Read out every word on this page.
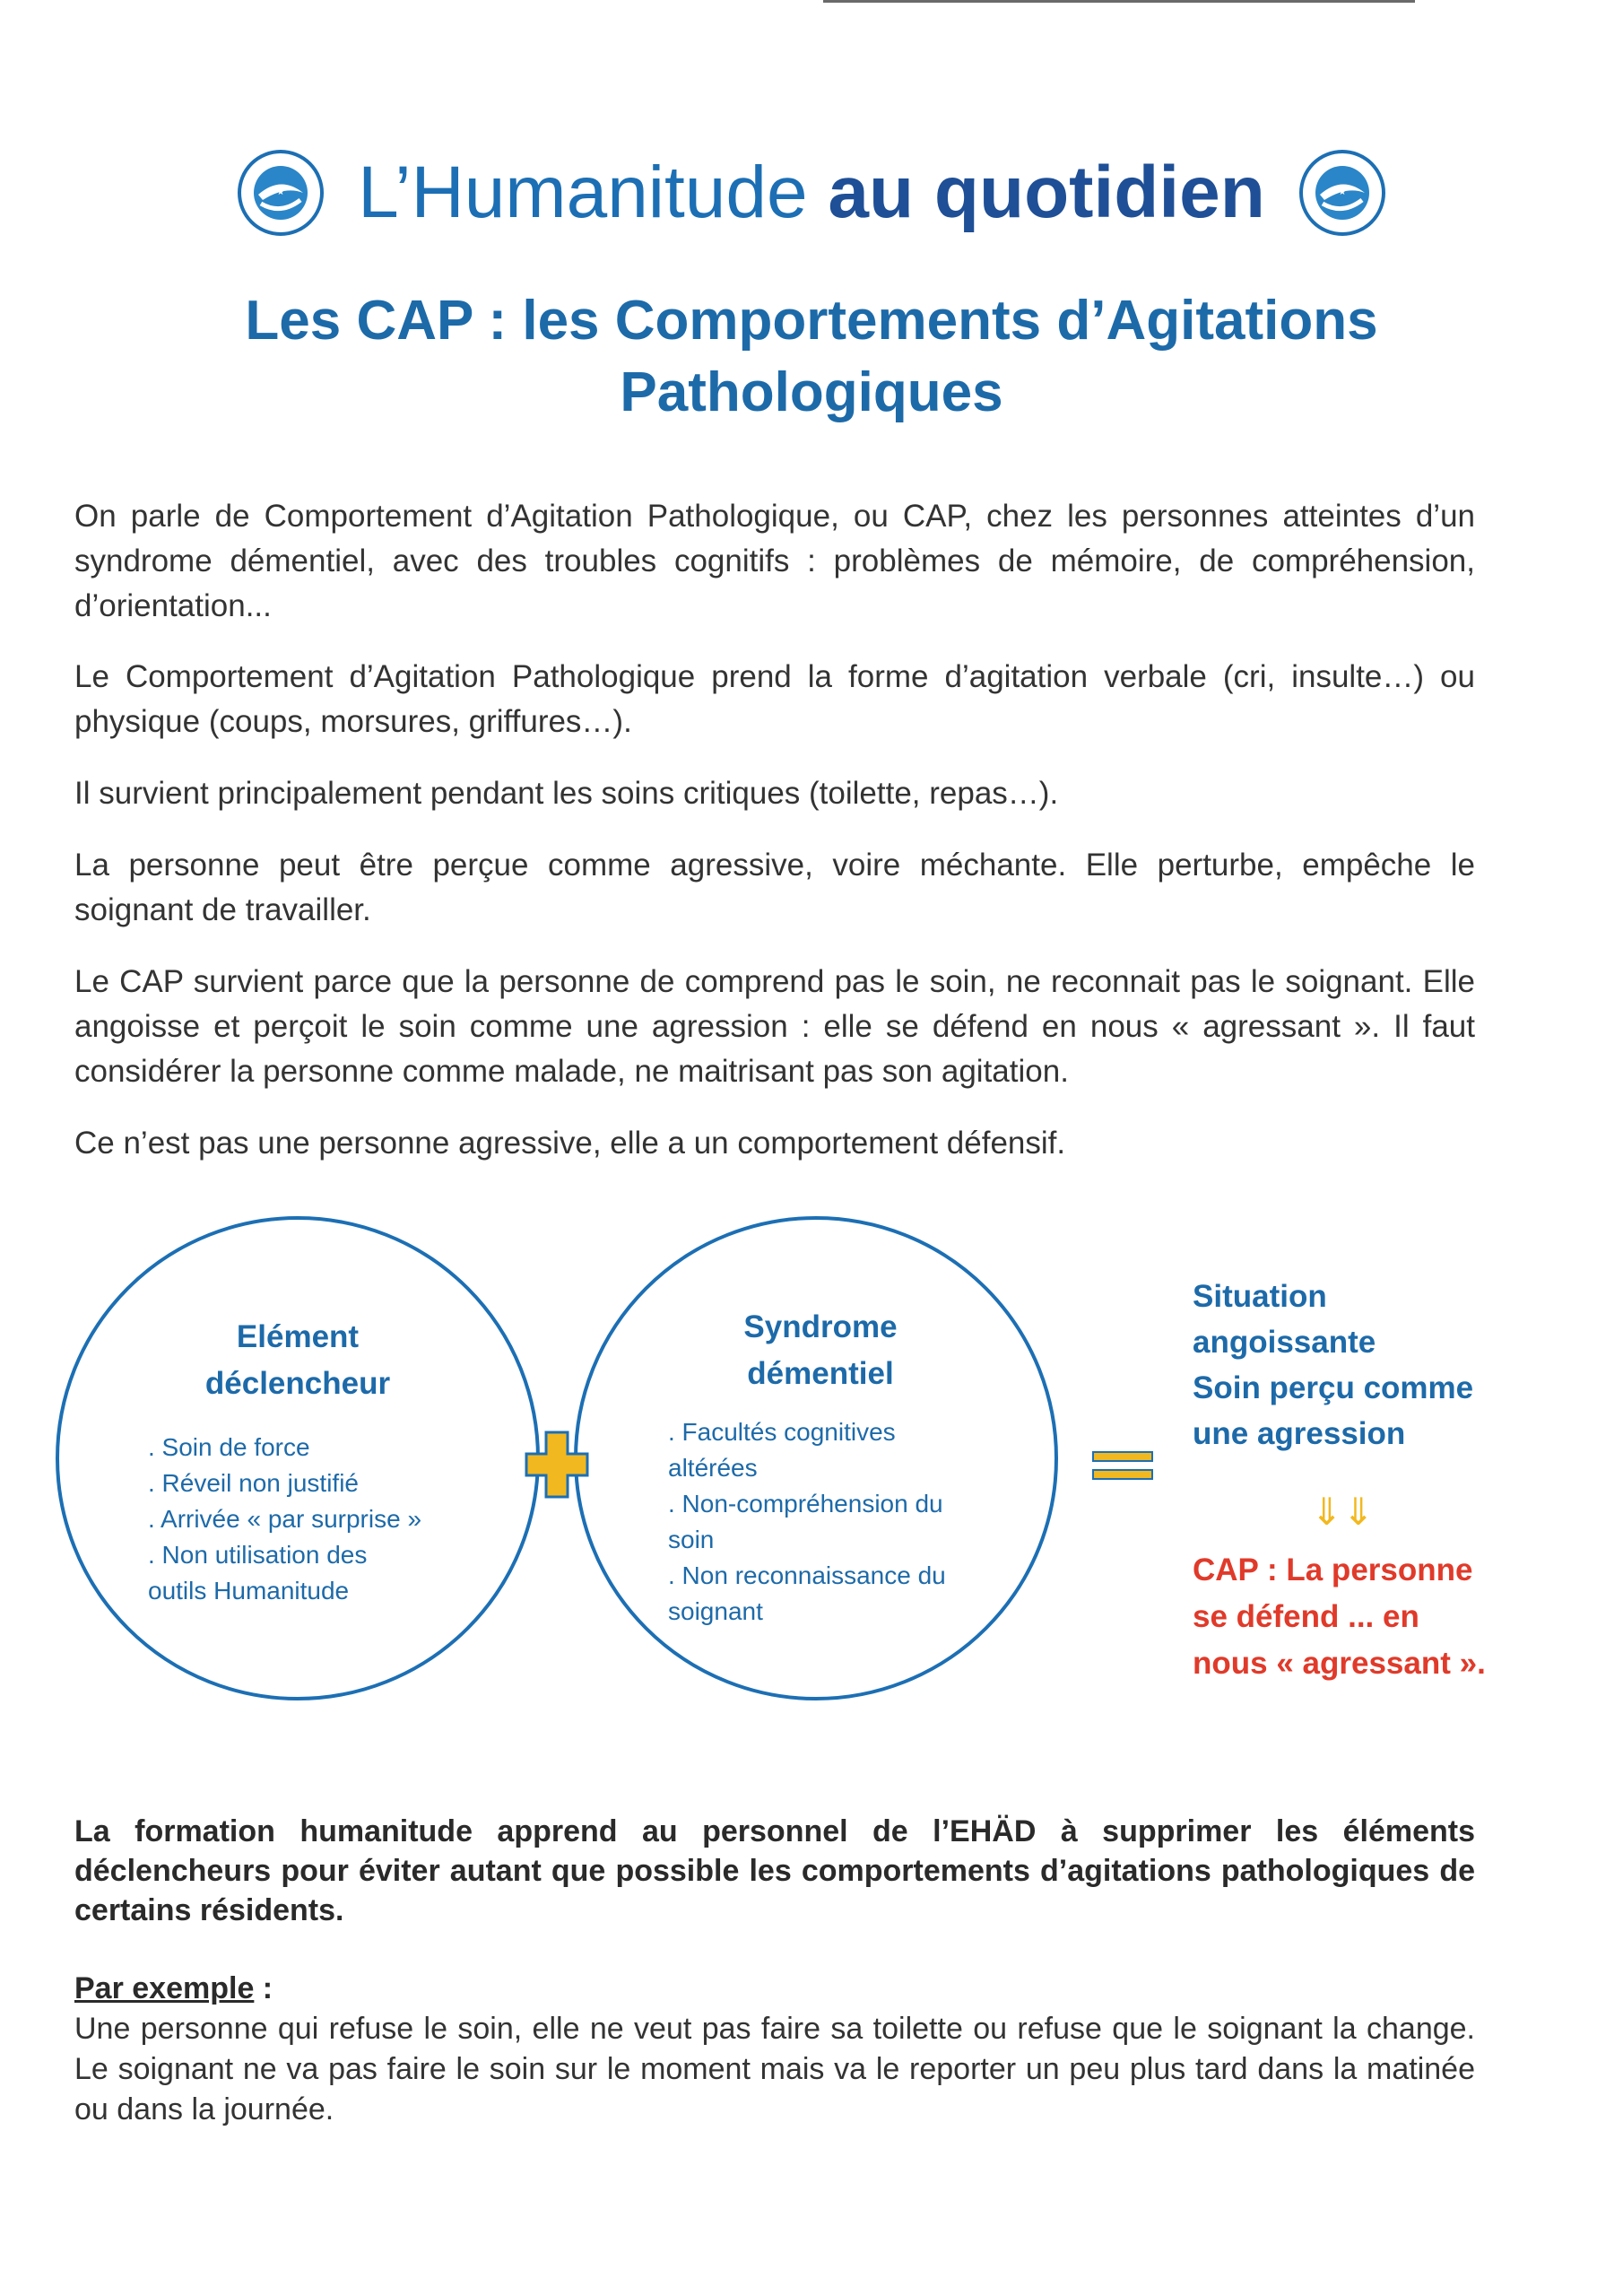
★ L’Humanitude au quotidien	★
Les CAP : les Comportements d’Agitations
Pathologiques
On parle de Comportement d’Agitation Pathologique, ou CAP, chez les personnes atteintes d’un syndrome démentiel, avec des troubles cognitifs : problèmes de mémoire, de compréhension, d’orientation...
Le Comportement d’Agitation Pathologique prend la forme d’agitation verbale (cri, insulte…) ou physique (coups, morsures, griffures…).
Il survient principalement pendant les soins critiques (toilette, repas…).
La personne peut être perçue comme agressive, voire méchante. Elle perturbe, empêche le soignant de travailler.
Le CAP survient parce que la personne de comprend pas le soin, ne reconnait pas le soignant. Elle angoisse et perçoit le soin comme une agression : elle se défend en nous « agressant ». Il faut considérer la personne comme malade, ne maitrisant pas son agitation.
Ce n’est pas une personne agressive, elle a un comportement défensif.
Elément
déclencheur
. Soin de force
. Réveil non justifié
. Arrivée « par surprise »
. Non utilisation des
outils Humanitude
Syndrome
démentiel
. Facultés cognitives
altérées
. Non-compréhension du
soin
. Non reconnaissance du
soignant
Situation
angoissante
Soin perçu comme
une agression
⇓⇓
CAP : La personne
se défend ... en
nous « agressant ».
La formation humanitude apprend au personnel de l’EHÄD à supprimer les éléments déclencheurs pour éviter autant que possible les comportements d’agitations pathologiques de certains résidents.
Par exemple :
Une personne qui refuse le soin, elle ne veut pas faire sa toilette ou refuse que le soignant la change. Le soignant ne va pas faire le soin sur le moment mais va le reporter un peu plus tard dans la matinée ou dans la journée.
